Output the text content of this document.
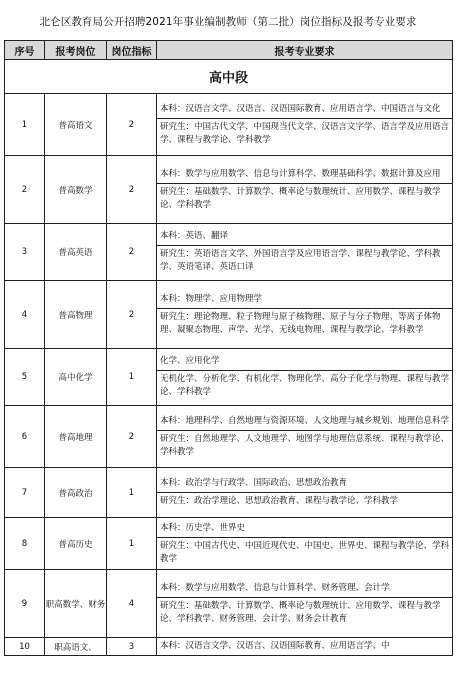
北仑区教育局公开招聘2021年事业编制教师（第二批）岗位指标及报考专业要求
序号	报考岗位	岗位指标	报考专业要求
高中段			
1	普高语文	2	本科：汉语言文学、汉语言、汉语国际教育、应用语言学、中国语言与文化
研究生：中国古代文学、中国现当代文学、汉语言文字学、语言学及应用语言学、课程与教学论、学科教学

2	普高数学	2	本科：数学与应用数学、信息与计算科学、数理基础科学、数据计算及应用
研究生：基础数学、计算数学、概率论与数理统计、应用数学、课程与教学论、学科教学

3	普高英语	2	本科：英语、翻译
研究生：英语语言文学、外国语言学及应用语言学、课程与教学论、学科教学、英语笔译、英语口译

4	普高物理	2	本科：物理学、应用物理学
研究生：理论物理、粒子物理与原子核物理、原子与分子物理、等离子体物理、凝聚态物理、声学、光学、无线电物理、课程与教学论、学科教学

5	高中化学	1	化学、应用化学
无机化学、分析化学、有机化学、物理化学、高分子化学与物理、课程与教学论、学科教学

6	普高地理	2	本科：地理科学、自然地理与资源环境、人文地理与城乡规划、地理信息科学
研究生：自然地理学、人文地理学、地图学与地理信息系统、课程与教学论、学科教学

7	普高政治	1	本科：政治学与行政学、国际政治、思想政治教育
研究生：政治学理论、思想政治教育、课程与教学论、学科教学

8	普高历史	1	本科：历史学、世界史
研究生：中国古代史、中国近现代史、中国史、世界史、课程与教学论、学科教学

9	职高数学、财务	4	本科：数学与应用数学、信息与计算科学、财务管理、会计学
研究生：基础数学、计算数学、概率论与数理统计、应用数学、课程与教学论、学科教学、财务管理、会计学、财务会计教育

10	职高语文、	3	本科：汉语言文学、汉语言、汉语国际教育、应用语言学、中
